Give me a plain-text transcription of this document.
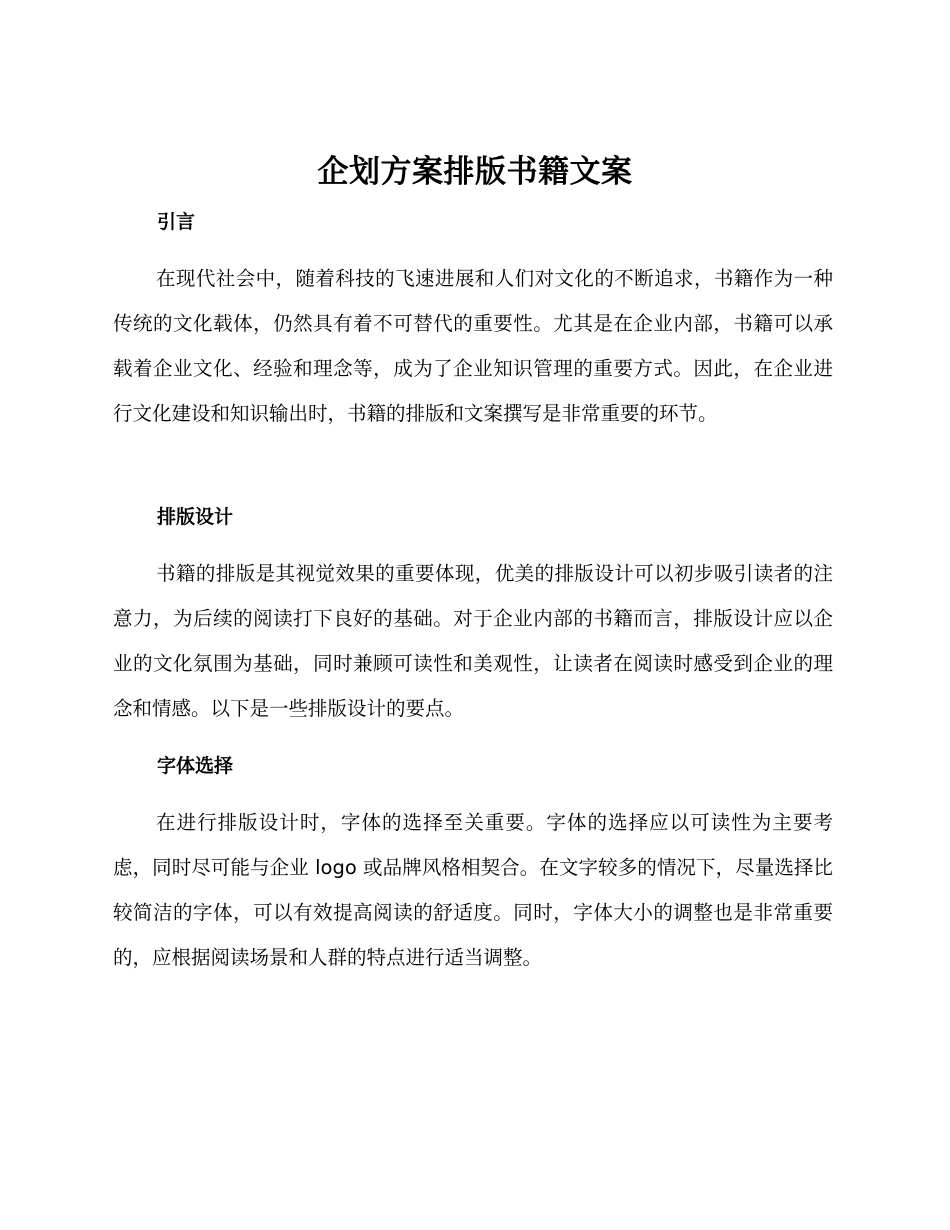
企划方案排版书籍文案
引言

在现代社会中，随着科技的飞速进展和人们对文化的不断追求，书籍作为一种传统的文化载体，仍然具有着不可替代的重要性。尤其是在企业内部，书籍可以承载着企业文化、经验和理念等，成为了企业知识管理的重要方式。因此，在企业进行文化建设和知识输出时，书籍的排版和文案撰写是非常重要的环节。

排版设计

书籍的排版是其视觉效果的重要体现，优美的排版设计可以初步吸引读者的注意力，为后续的阅读打下良好的基础。对于企业内部的书籍而言，排版设计应以企业的文化氛围为基础，同时兼顾可读性和美观性，让读者在阅读时感受到企业的理念和情感。以下是一些排版设计的要点。

字体选择

在进行排版设计时，字体的选择至关重要。字体的选择应以可读性为主要考虑，同时尽可能与企业 logo 或品牌风格相契合。在文字较多的情况下，尽量选择比较简洁的字体，可以有效提高阅读的舒适度。同时，字体大小的调整也是非常重要的，应根据阅读场景和人群的特点进行适当调整。
